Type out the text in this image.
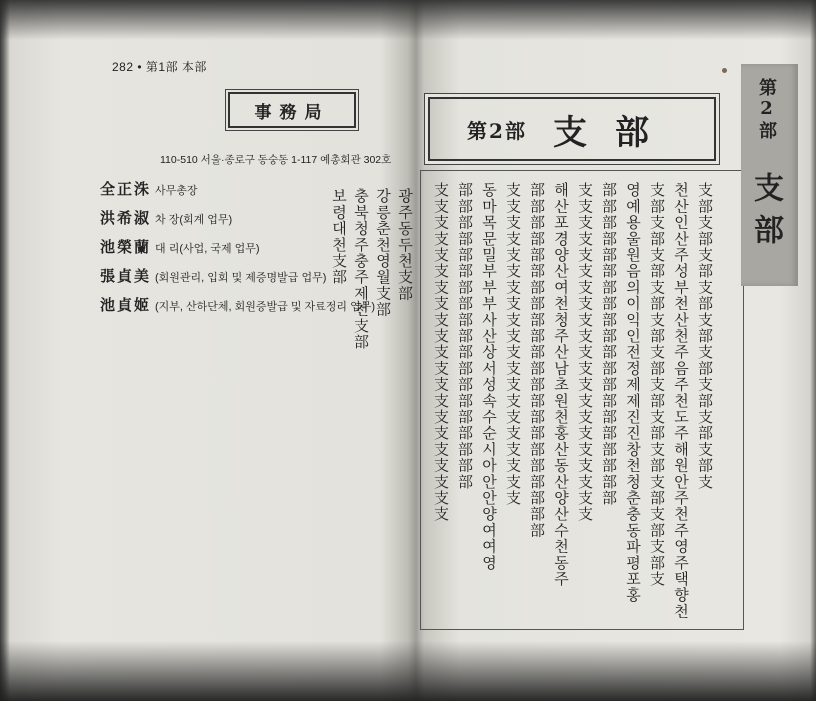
282 • 第1部 本部
事務局
110-510 서울·종로구 동숭동 1-117 예총회관 302호
全正洙 사무총장
洪希淑 차 장(회계 업무)
池榮蘭 대 리(사업, 국제 업무)
張貞美 (회원관리, 입회 및 제증명발급 업무)
池貞姬 (지부, 산하단체, 회원증발급 및 자료정리 업무)
보령대천支部 충북청주충주제천支部 강릉춘천영월支部 광주동두천支部
第2部 支部
支支支支支支支支支支支支支支支支支支支支支 部部部部部部部部部部部部部部部部部部部 동마목문밀부부부사산상서성속수순시아안안양여여영 支支支支支支支支支支支支支支支支支支支支 部部部部部部部部部部部部部部部部部部部部部部 해산포경양산여천청주산남초원천홍산동산양산수천동주 支支支支支支支支支支支支支支支支支支支支支 部部部部部部部部部部部部部部部部部部部部 영예용울원음의이익인전정제제진진창천청춘충동파평포홍 支部支部支部支部支部支部支部支部支部支部支部支部支 천산인산주성부천산천주음주천도주해원안주천주영주택향천 支部支部支部支部支部支部支部支部支部支
第2部
支部
